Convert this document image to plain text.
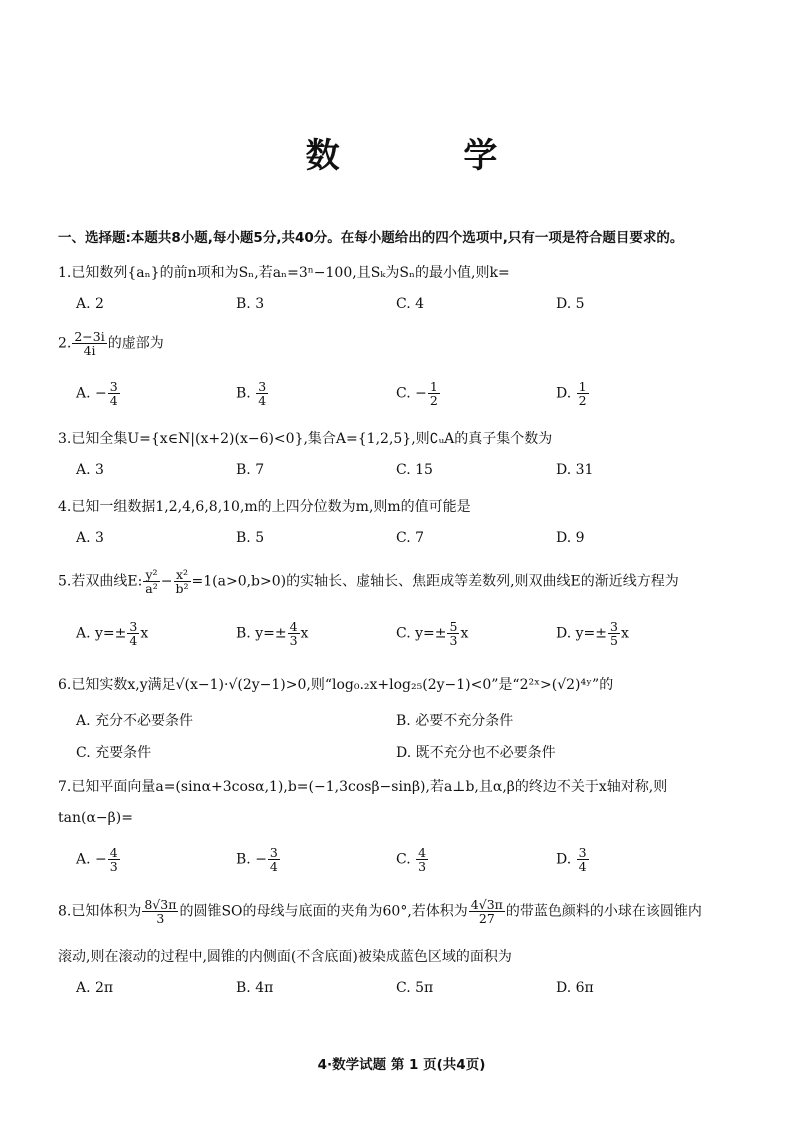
数 学
一、选择题:本题共8小题,每小题5分,共40分。在每小题给出的四个选项中,只有一项是符合题目要求的。
1.已知数列{aₙ}的前n项和为Sₙ,若aₙ=3ⁿ−100,且Sₖ为Sₙ的最小值,则k=
A. 2	B. 3	C. 4	D. 5
2. $\frac{2-3i}{4i}$ 的虚部为
A. − $\frac{3}{4}$	B. $\frac{3}{4}$	C. − $\frac{1}{2}$	D. $\frac{1}{2}$
3.已知全集U={x∈N|(x+2)(x−6)<0},集合A={1,2,5},则∁ᵤA的真子集个数为
A. 3	B. 7	C. 15	D. 31
4.已知一组数据1,2,4,6,8,10,m的上四分位数为m,则m的值可能是
A. 3	B. 5	C. 7	D. 9
5.若双曲线E: $\frac{\text{y²}}{\text{a²}} - \frac{\text{x²}}{\text{b²}} =1(a>0,b>0)$的实轴长、虚轴长、焦距成等差数列,则双曲线E的渐近线方程为
A. $y=\pm \frac{3}{4}$ x	B. $y=\pm \frac{4}{3}$ x	C. $y=\pm \frac{5}{3}$ x	D. $y=\pm \frac{3}{5}$ x
6.已知实数x,y满足√(x−1)·√(2y−1)>0,则“log₀.₂x+log₂₅(2y−1)<0”是“2²ˣ>(√2)⁴ʸ”的
A. 充分不必要条件	B. 必要不充分条件
C. 充要条件	D. 既不充分也不必要条件
7.已知平面向量a=(sinα+3cosα,1),b=(−1,3cosβ−sinβ),若a⊥b,且α,β的终边不关于x轴对称,则
tan(α−β)=
A. − $\frac{4}{3}$	B. − $\frac{3}{4}$	C. $\frac{4}{3}$	D. $\frac{3}{4}$
8.已知体积为 $\frac{8√3\pi}{3}$ 的圆锥SO的母线与底面的夹角为60°,若体积为 $\frac{4√3\pi}{27}$ 的带蓝色颜料的小球在该圆锥内
滚动,则在滚动的过程中,圆锥的内侧面(不含底面)被染成蓝色区域的面积为
A. 2π	B. 4π	C. 5π	D. 6π
4·数学试题 第 1 页(共4页)
